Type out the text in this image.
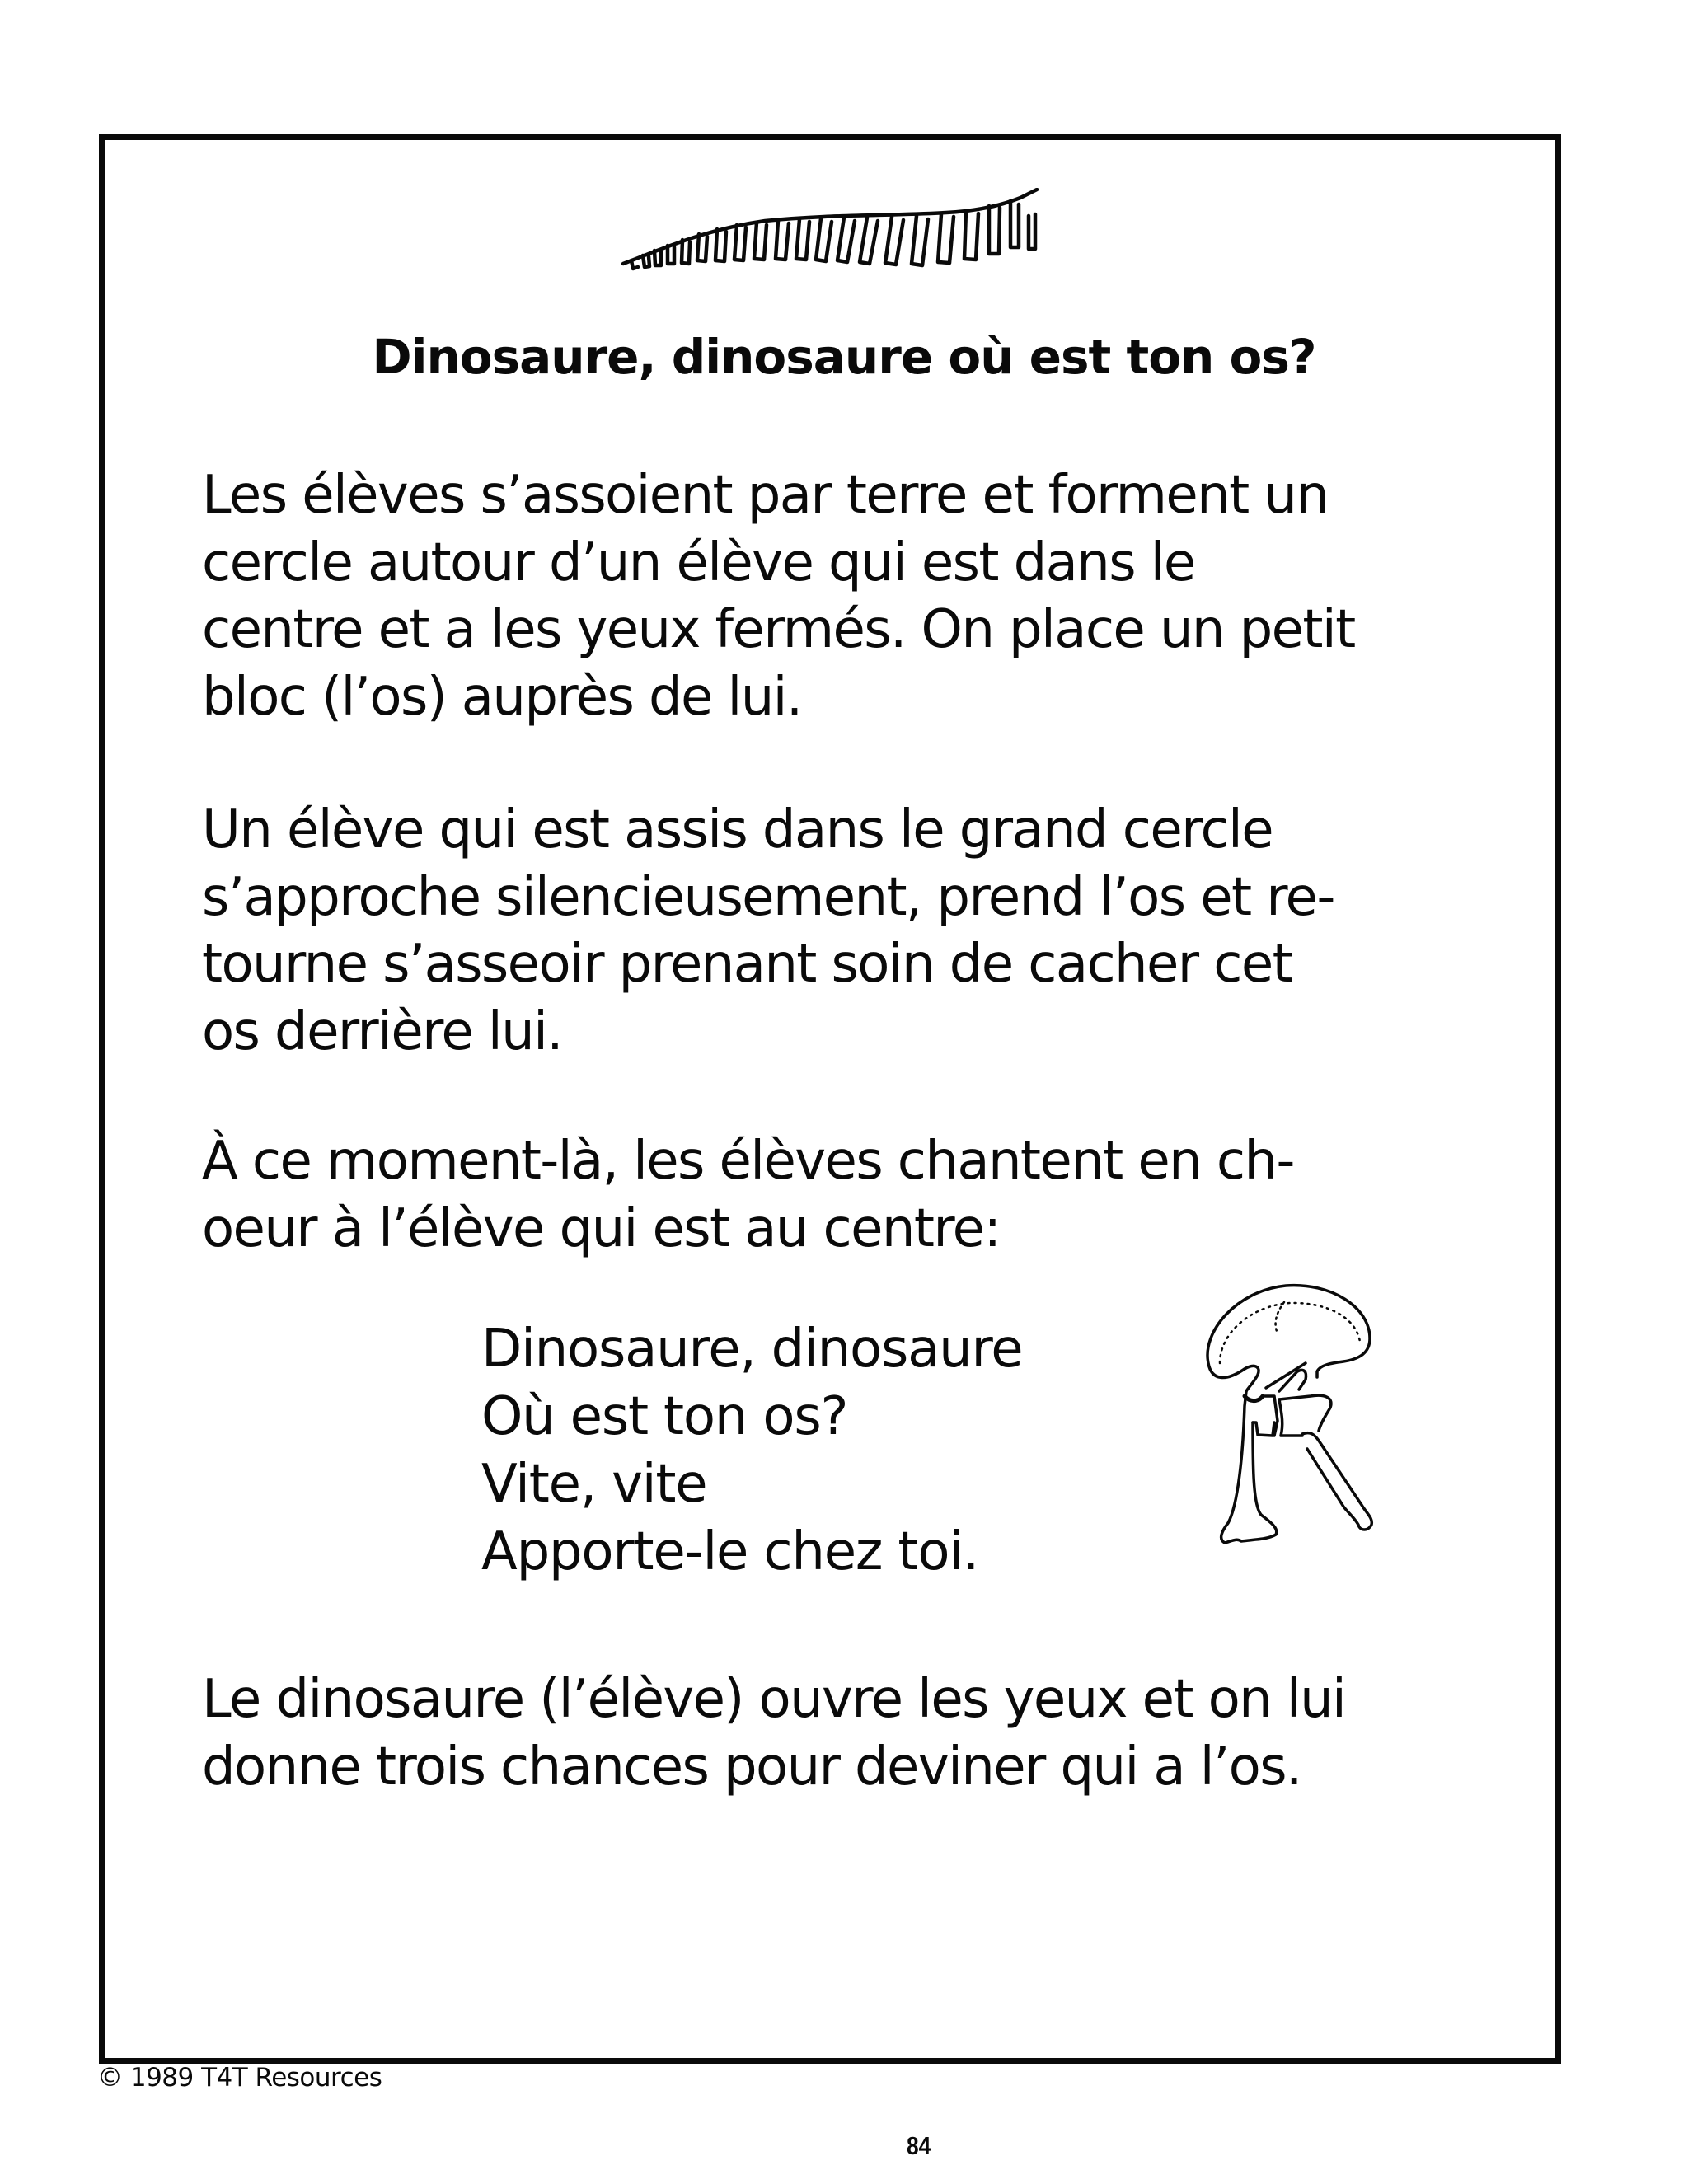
Dinosaure, dinosaure où est ton os?
Les élèves s’assoient par terre et forment un
cercle autour d’un élève qui est dans le
centre et a les yeux fermés. On place un petit
bloc (l’os) auprès de lui.
Un élève qui est assis dans le grand cercle
s’approche silencieusement, prend l’os et re-
tourne s’asseoir prenant soin de cacher cet
os derrière lui.
À ce moment-là, les élèves chantent en ch-
oeur à l’élève qui est au centre:
Dinosaure, dinosaure
Où est ton os?
Vite, vite
Apporte-le chez toi.
Le dinosaure (l’élève) ouvre les yeux et on lui
donne trois chances pour deviner qui a l’os.
© 1989 T4T Resources
84
